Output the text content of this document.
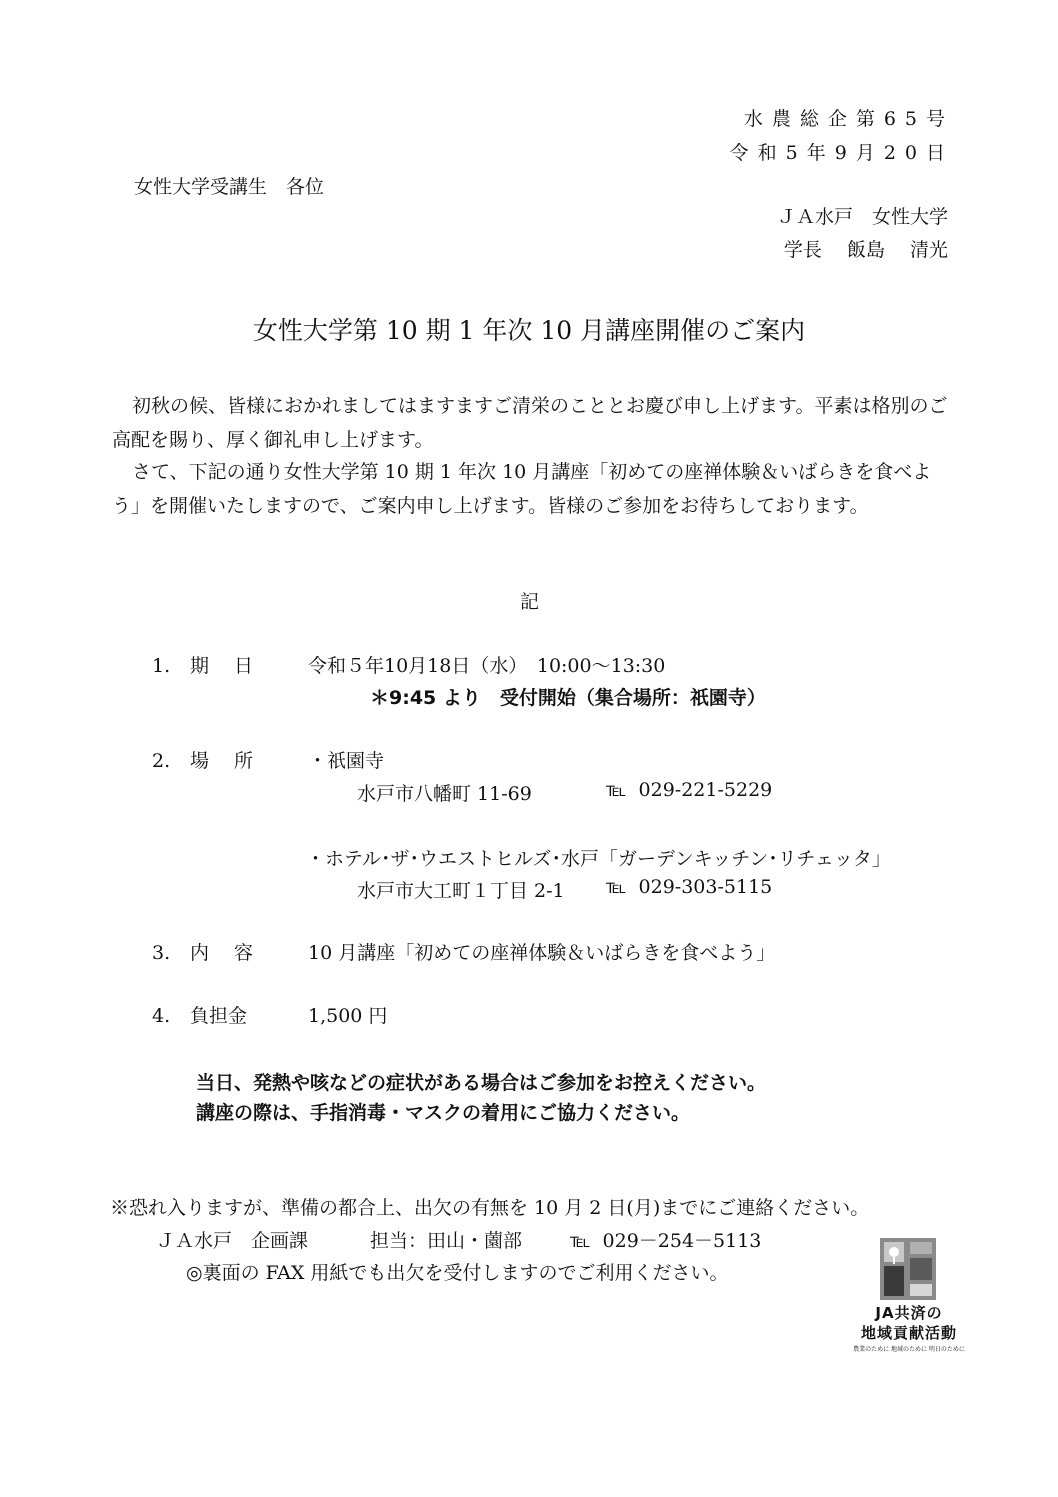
水農総企第65号
令和5年9月20日
女性大学受講生　各位
ＪＡ水戸　女性大学
学長　 飯島　 清光
女性大学第 10 期 1 年次 10 月講座開催のご案内
初秋の候、皆様におかれましてはますますご清栄のこととお慶び申し上げます。平素は格別のご高配を賜り、厚く御礼申し上げます。
さて、下記の通り女性大学第 10 期 1 年次 10 月講座「初めての座禅体験＆いばらきを食べよう」を開催いたしますので、ご案内申し上げます。皆様のご参加をお待ちしております。
記
1. 期　 日	令和５年10月18日（水）　10:00～13:30
＊9:45 より　受付開始（集合場所：祇園寺）
2. 場　 所	・祇園寺
水戸市八幡町 11-69	℡ 029-221-5229
・ホテル･ザ･ウエストヒルズ･水戸「ガーデンキッチン･リチェッタ」
水戸市大工町１丁目 2-1 ℡ 029-303-5115
3. 内　 容	10 月講座「初めての座禅体験＆いばらきを食べよう」
4. 負担金	1,500 円
当日、発熱や咳などの症状がある場合はご参加をお控えください。
講座の際は、手指消毒・マスクの着用にご協力ください。
※恐れ入りますが、準備の都合上、出欠の有無を 10 月 2 日(月)までにご連絡ください。
ＪＡ水戸　企画課	担当：田山・薗部	℡ 029－254－5113
◎裏面の FAX 用紙でも出欠を受付しますのでご利用ください。
JA共済の
地域貢献活動
農業のために 地域のために 明日のために
